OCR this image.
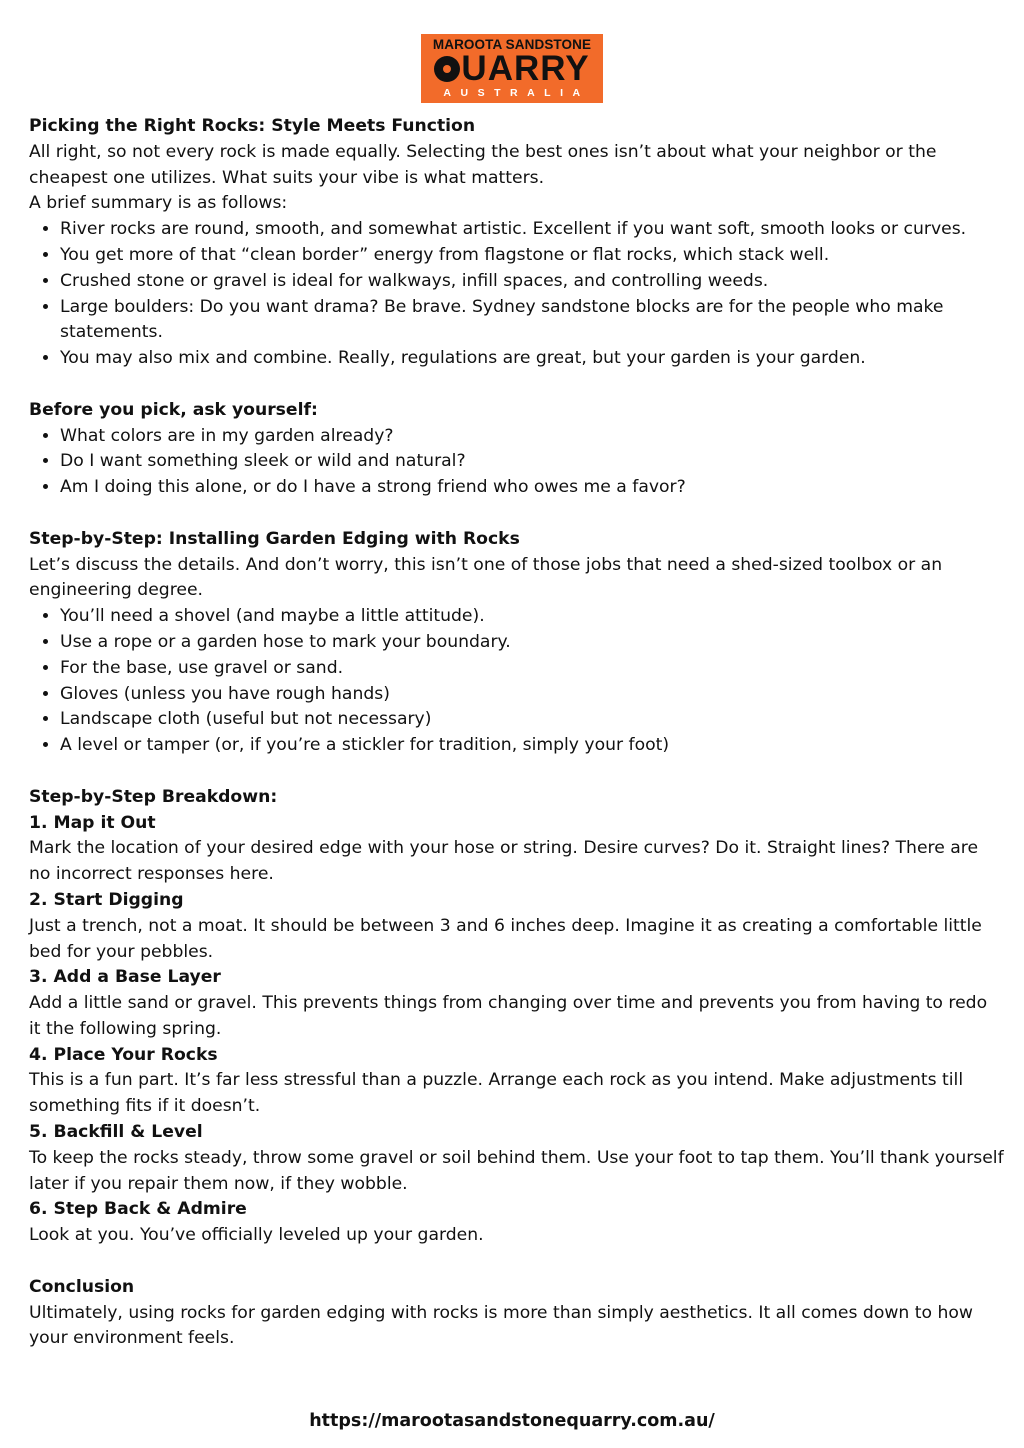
MAROOTA SANDSTONE
UARRY
AUSTRALIA
Picking the Right Rocks: Style Meets Function

All right, so not every rock is made equally. Selecting the best ones isn’t about what your neighbor or the cheapest one utilizes. What suits your vibe is what matters.

A brief summary is as follows:

• River rocks are round, smooth, and somewhat artistic. Excellent if you want soft, smooth looks or curves.
• You get more of that “clean border” energy from flagstone or flat rocks, which stack well.
• Crushed stone or gravel is ideal for walkways, infill spaces, and controlling weeds.
• Large boulders: Do you want drama? Be brave. Sydney sandstone blocks are for the people who make statements.
• You may also mix and combine. Really, regulations are great, but your garden is your garden.
Before you pick, ask yourself:
• What colors are in my garden already?
• Do I want something sleek or wild and natural?
• Am I doing this alone, or do I have a strong friend who owes me a favor?
Step-by-Step: Installing Garden Edging with Rocks

Let’s discuss the details. And don’t worry, this isn’t one of those jobs that need a shed-sized toolbox or an engineering degree.

• You’ll need a shovel (and maybe a little attitude).
• Use a rope or a garden hose to mark your boundary.
• For the base, use gravel or sand.
• Gloves (unless you have rough hands)
• Landscape cloth (useful but not necessary)
• A level or tamper (or, if you’re a stickler for tradition, simply your foot)
Step-by-Step Breakdown:
1. Map it Out

Mark the location of your desired edge with your hose or string. Desire curves? Do it. Straight lines? There are no incorrect responses here.

2. Start Digging

Just a trench, not a moat. It should be between 3 and 6 inches deep. Imagine it as creating a comfortable little bed for your pebbles.

3. Add a Base Layer

Add a little sand or gravel. This prevents things from changing over time and prevents you from having to redo it the following spring.

4. Place Your Rocks

This is a fun part. It’s far less stressful than a puzzle. Arrange each rock as you intend. Make adjustments till something fits if it doesn’t.

5. Backfill & Level

To keep the rocks steady, throw some gravel or soil behind them. Use your foot to tap them. You’ll thank yourself later if you repair them now, if they wobble.

6. Step Back & Admire

Look at you. You’ve officially leveled up your garden.

Conclusion

Ultimately, using rocks for garden edging with rocks is more than simply aesthetics. It all comes down to how your environment feels.

https://marootasandstonequarry.com.au/
